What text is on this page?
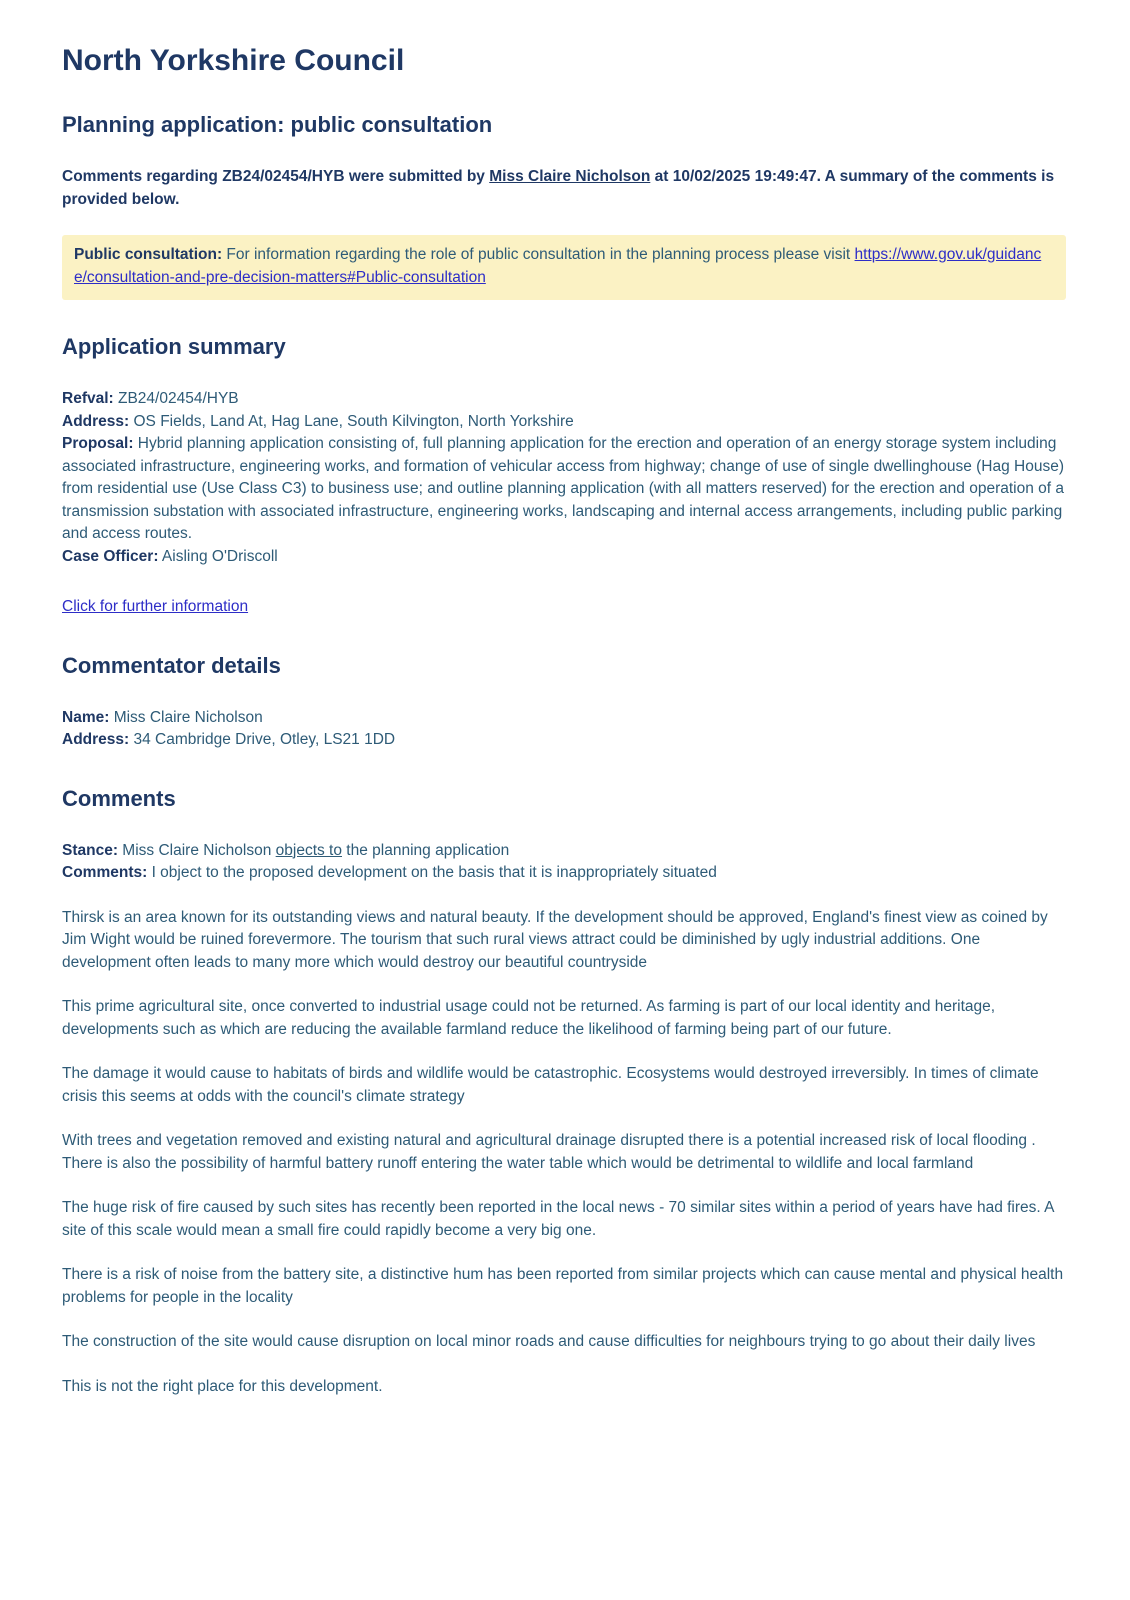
North Yorkshire Council
Planning application: public consultation

Comments regarding ZB24/02454/HYB were submitted by Miss Claire Nicholson at 10/02/2025 19:49:47. A summary of the comments is provided below.

Public consultation: For information regarding the role of public consultation in the planning process please visit https://www.gov.uk/guidance/consultation-and-pre-decision-matters#Public-consultation
Application summary
Refval: ZB24/02454/HYB
Address: OS Fields, Land At, Hag Lane, South Kilvington, North Yorkshire
Proposal: Hybrid planning application consisting of, full planning application for the erection and operation of an energy storage system including associated infrastructure, engineering works, and formation of vehicular access from highway; change of use of single dwellinghouse (Hag House) from residential use (Use Class C3) to business use; and outline planning application (with all matters reserved) for the erection and operation of a transmission substation with associated infrastructure, engineering works, landscaping and internal access arrangements, including public parking and access routes.
Case Officer: Aisling O'Driscoll

Click for further information

Commentator details
Name: Miss Claire Nicholson
Address: 34 Cambridge Drive, Otley, LS21 1DD
Comments

Stance: Miss Claire Nicholson objects to the planning application

Comments: I object to the proposed development on the basis that it is inappropriately situated

Thirsk is an area known for its outstanding views and natural beauty. If the development should be approved, England's finest view as coined by Jim Wight would be ruined forevermore. The tourism that such rural views attract could be diminished by ugly industrial additions. One development often leads to many more which would destroy our beautiful countryside

This prime agricultural site, once converted to industrial usage could not be returned. As farming is part of our local identity and heritage, developments such as which are reducing the available farmland reduce the likelihood of farming being part of our future.

The damage it would cause to habitats of birds and wildlife would be catastrophic. Ecosystems would destroyed irreversibly. In times of climate crisis this seems at odds with the council's climate strategy

With trees and vegetation removed and existing natural and agricultural drainage disrupted there is a potential increased risk of local flooding . There is also the possibility of harmful battery runoff entering the water table which would be detrimental to wildlife and local farmland

The huge risk of fire caused by such sites has recently been reported in the local news - 70 similar sites within a period of years have had fires. A site of this scale would mean a small fire could rapidly become a very big one.

There is a risk of noise from the battery site, a distinctive hum has been reported from similar projects which can cause mental and physical health problems for people in the locality

The construction of the site would cause disruption on local minor roads and cause difficulties for neighbours trying to go about their daily lives

This is not the right place for this development.
